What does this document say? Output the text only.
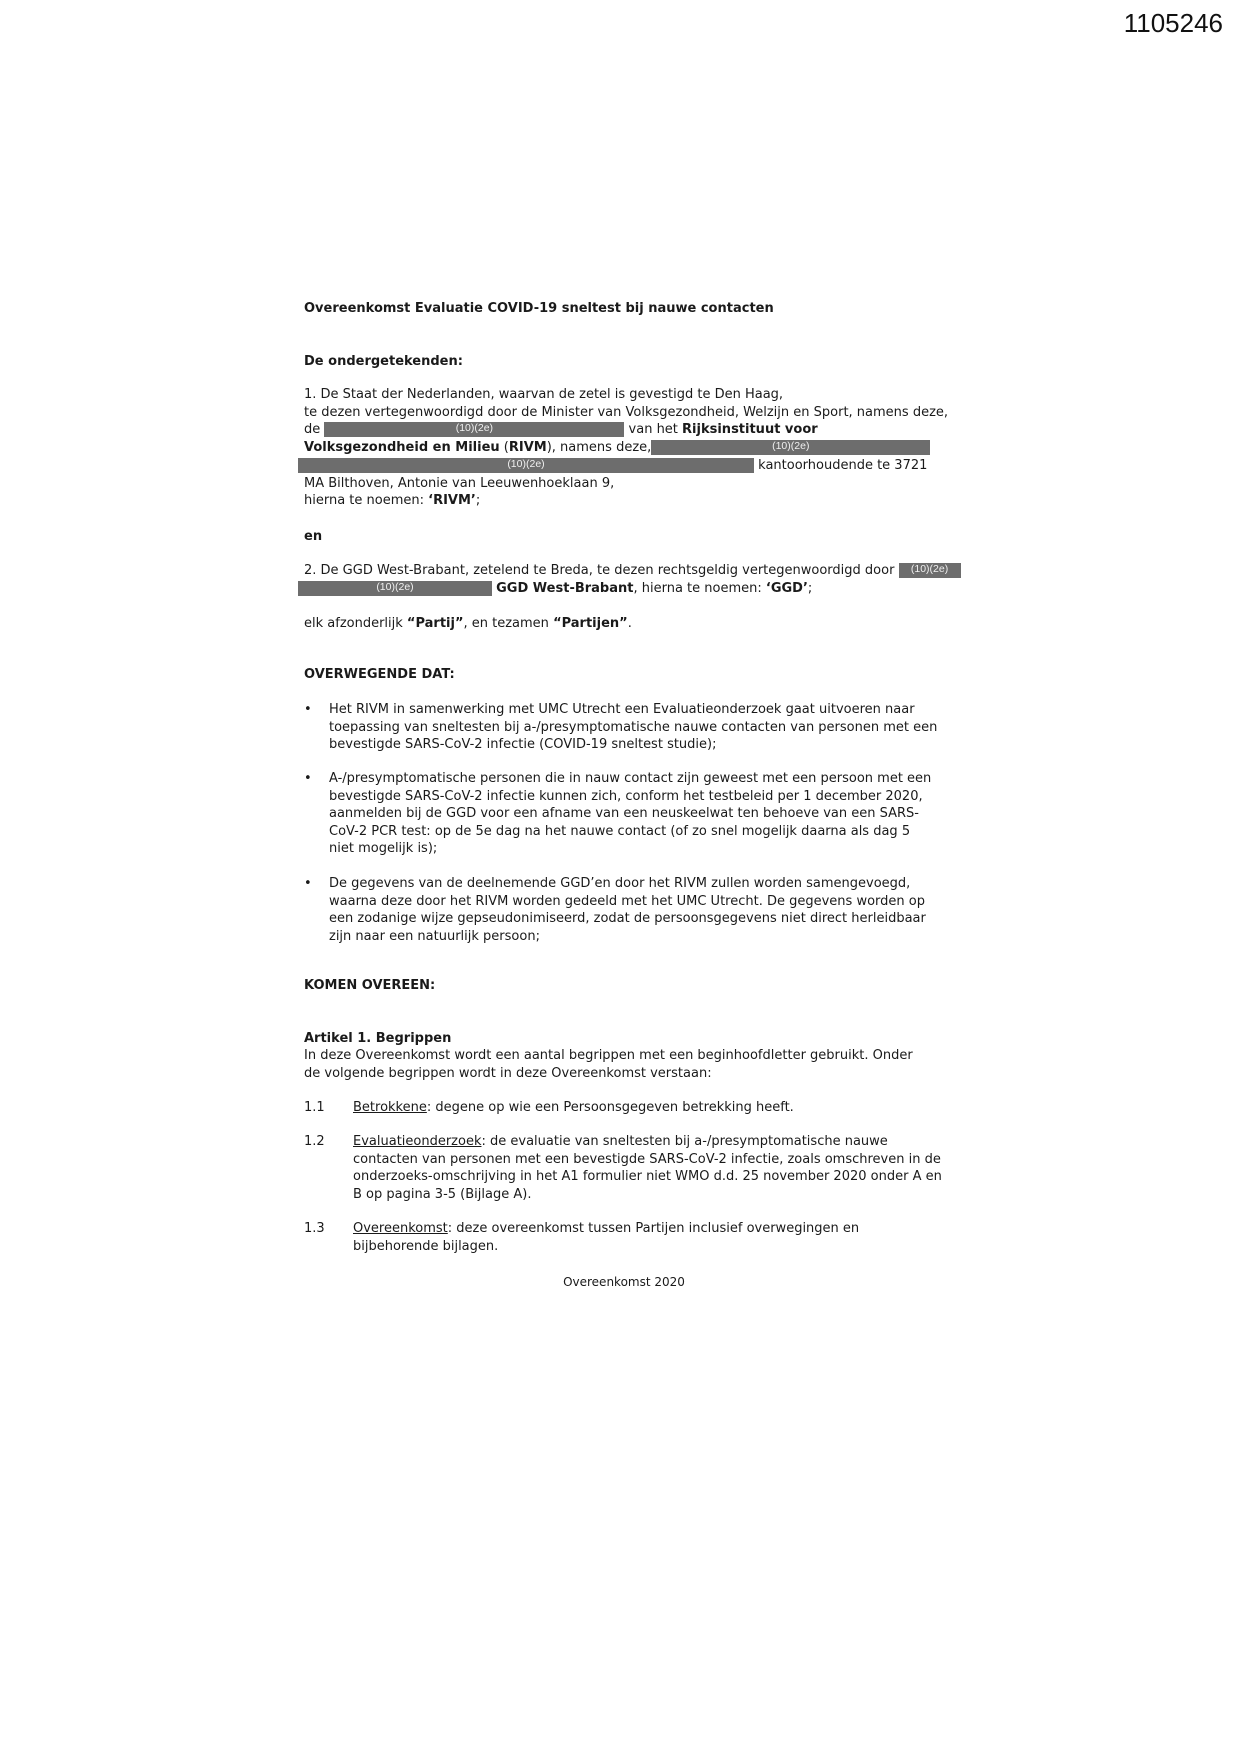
1105246
Overeenkomst Evaluatie COVID-19 sneltest bij nauwe contacten
De ondergetekenden:
1. De Staat der Nederlanden, waarvan de zetel is gevestigd te Den Haag,
te dezen vertegenwoordigd door de Minister van Volksgezondheid, Welzijn en Sport, namens deze,
de	(10)(2e)	van het Rijksinstituut voor
Volksgezondheid en Milieu (RIVM), namens deze,	(10)(2e)
(10)(2e)	kantoorhoudende te 3721
MA Bilthoven, Antonie van Leeuwenhoeklaan 9,
hierna te noemen: ‘RIVM’;
en
2. De GGD West-Brabant, zetelend te Breda, te dezen rechtsgeldig vertegenwoordigd door (10)(2e)
(10)(2e)	GGD West-Brabant, hierna te noemen: ‘GGD’;
elk afzonderlijk “Partij”, en tezamen “Partijen”.
OVERWEGENDE DAT:
• Het RIVM in samenwerking met UMC Utrecht een Evaluatieonderzoek gaat uitvoeren naar toepassing van sneltesten bij a-/presymptomatische nauwe contacten van personen met een bevestigde SARS-CoV-2 infectie (COVID-19 sneltest studie);
• A-/presymptomatische personen die in nauw contact zijn geweest met een persoon met een bevestigde SARS-CoV-2 infectie kunnen zich, conform het testbeleid per 1 december 2020, aanmelden bij de GGD voor een afname van een neuskeelwat ten behoeve van een SARS-CoV-2 PCR test: op de 5e dag na het nauwe contact (of zo snel mogelijk daarna als dag 5 niet mogelijk is);
• De gegevens van de deelnemende GGD’en door het RIVM zullen worden samengevoegd, waarna deze door het RIVM worden gedeeld met het UMC Utrecht. De gegevens worden op een zodanige wijze gepseudonimiseerd, zodat de persoonsgegevens niet direct herleidbaar zijn naar een natuurlijk persoon;
KOMEN OVEREEN:
Artikel 1. Begrippen
In deze Overeenkomst wordt een aantal begrippen met een beginhoofdletter gebruikt. Onder de volgende begrippen wordt in deze Overeenkomst verstaan:
1.1 Betrokkene: degene op wie een Persoonsgegeven betrekking heeft.
1.2 Evaluatieonderzoek: de evaluatie van sneltesten bij a-/presymptomatische nauwe contacten van personen met een bevestigde SARS-CoV-2 infectie, zoals omschreven in de onderzoeks-omschrijving in het A1 formulier niet WMO d.d. 25 november 2020 onder A en B op pagina 3-5 (Bijlage A).
1.3 Overeenkomst: deze overeenkomst tussen Partijen inclusief overwegingen en bijbehorende bijlagen.
Overeenkomst 2020
